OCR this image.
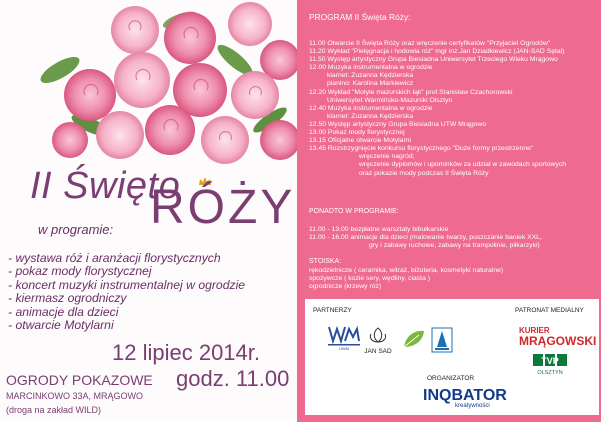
II Święto
RÓŻY
w programie:
- wystawa róż i aranżacji florystycznych
- pokaz mody florystycznej
- koncert muzyki instrumentalnej w ogrodzie
- kiermasz ogrodniczy
- animacje dla dzieci
- otwarcie Motylarni
12 lipiec 2014r.
OGRODY POKAZOWE godz. 11.00
MARCINKOWO 33A, MRĄGOWO
(droga na zakład WILD)
PROGRAM II Święta Róży:
11.00 Otwarcie II Święta Róży oraz wręczenie certyfikatów "Przyjaciel Ogrodów"
11.20 Wykład "Pielęgnacja i hodowla róż" mgr inż.Jan Dziadkiewicz (JAN-SAD Sętal)
11.50 Występ artystyczny Grupa Biesiadna Uniwersytet Trzeciego Wieku Mrągowo
12.00 Muzyka instrumentalna w ogrodzie
klarnet: Zuzanna Kędzierska
pianino: Karolina Markiewicz
12.20 Wykład "Motyle mazurskich łąk" prof.Stanisław Czachorowski
Uniwersytet Warmińsko-Mazurski Olsztyn
12.40 Muzyka instrumentalna w ogrodzie
klarnet: Zuzanna Kędzierska
12.50 Występ artystyczny Grupa Biesiadna UTW Mrągowo
13.00 Pokaz mody florystycznej
13.15 Oficjalne otwarcie Motylarni
13.45 Rozstrzygnięcie konkursu florystycznego "Duże formy przestrzenne"
wręczenie nagród;
wręczenie dyplomów i upominków za udział w zawodach sportowych
oraz pokazie mody podczas II Święta Róży
PONADTO W PROGRAMIE:
11.00 - 13.00 bezpłatne warsztaty bibułkarskie
11.00 - 16.00 animacje dla dzieci (malowanie twarzy, puszczanie baniek XXL,
gry i zabawy ruchowe, zabawy na trampolinie, piłkarzyki)
STOISKA:
rękodzielnicze ( ceramika, witraż, biżuteria, kosmetyki naturalne)
spożywcze ( kozie sery, wędliny, ciasta )
ogrodnicze (krzewy róż)
PARTNERZY	PATRONAT MEDIALNY
UWM JAN SAD
KURIER
MRĄGOWSKI
TVP
OLSZTYN
ORGANIZATOR
INQBATOR
kreatywności
